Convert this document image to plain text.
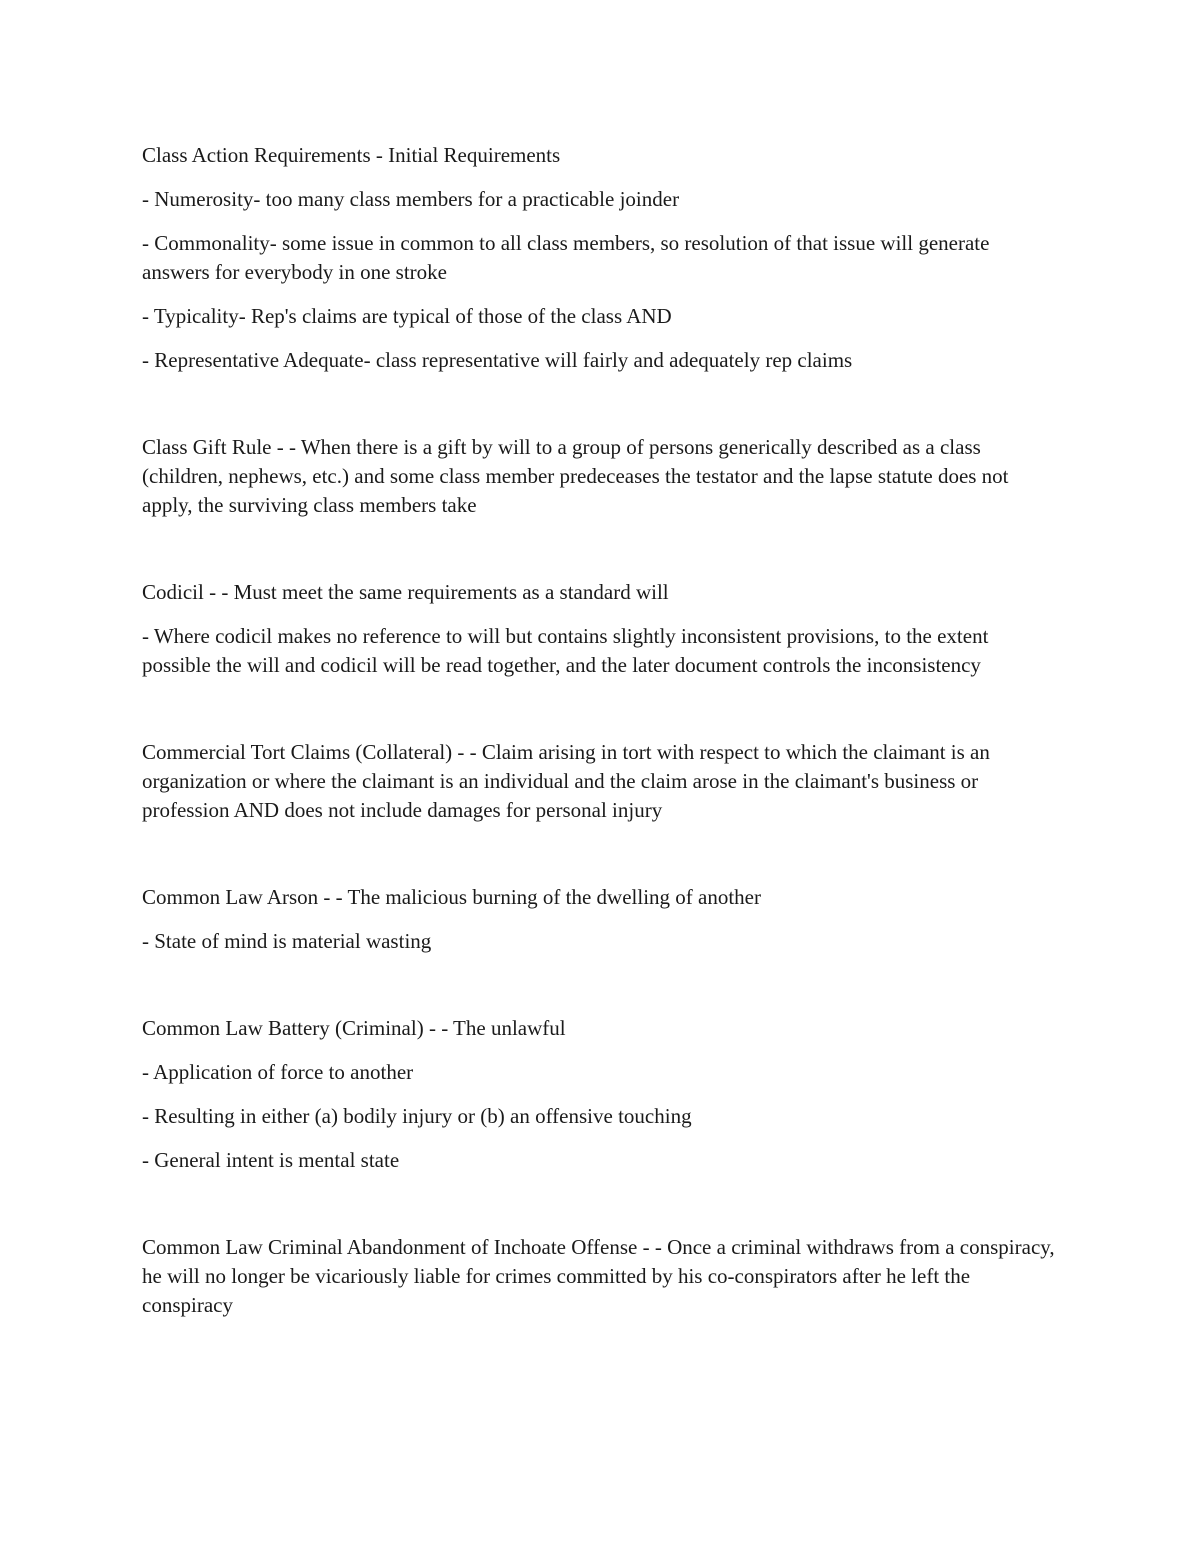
Class Action Requirements - Initial Requirements

- Numerosity- too many class members for a practicable joinder

- Commonality- some issue in common to all class members, so resolution of that issue will generate answers for everybody in one stroke

- Typicality- Rep's claims are typical of those of the class AND

- Representative Adequate- class representative will fairly and adequately rep claims

Class Gift Rule - - When there is a gift by will to a group of persons generically described as a class (children, nephews, etc.) and some class member predeceases the testator and the lapse statute does not apply, the surviving class members take

Codicil - - Must meet the same requirements as a standard will

- Where codicil makes no reference to will but contains slightly inconsistent provisions, to the extent possible the will and codicil will be read together, and the later document controls the inconsistency

Commercial Tort Claims (Collateral) - - Claim arising in tort with respect to which the claimant is an organization or where the claimant is an individual and the claim arose in the claimant's business or profession AND does not include damages for personal injury

Common Law Arson - - The malicious burning of the dwelling of another

- State of mind is material wasting

Common Law Battery (Criminal) - - The unlawful

- Application of force to another

- Resulting in either (a) bodily injury or (b) an offensive touching

- General intent is mental state

Common Law Criminal Abandonment of Inchoate Offense - - Once a criminal withdraws from a conspiracy, he will no longer be vicariously liable for crimes committed by his co-conspirators after he left the conspiracy
